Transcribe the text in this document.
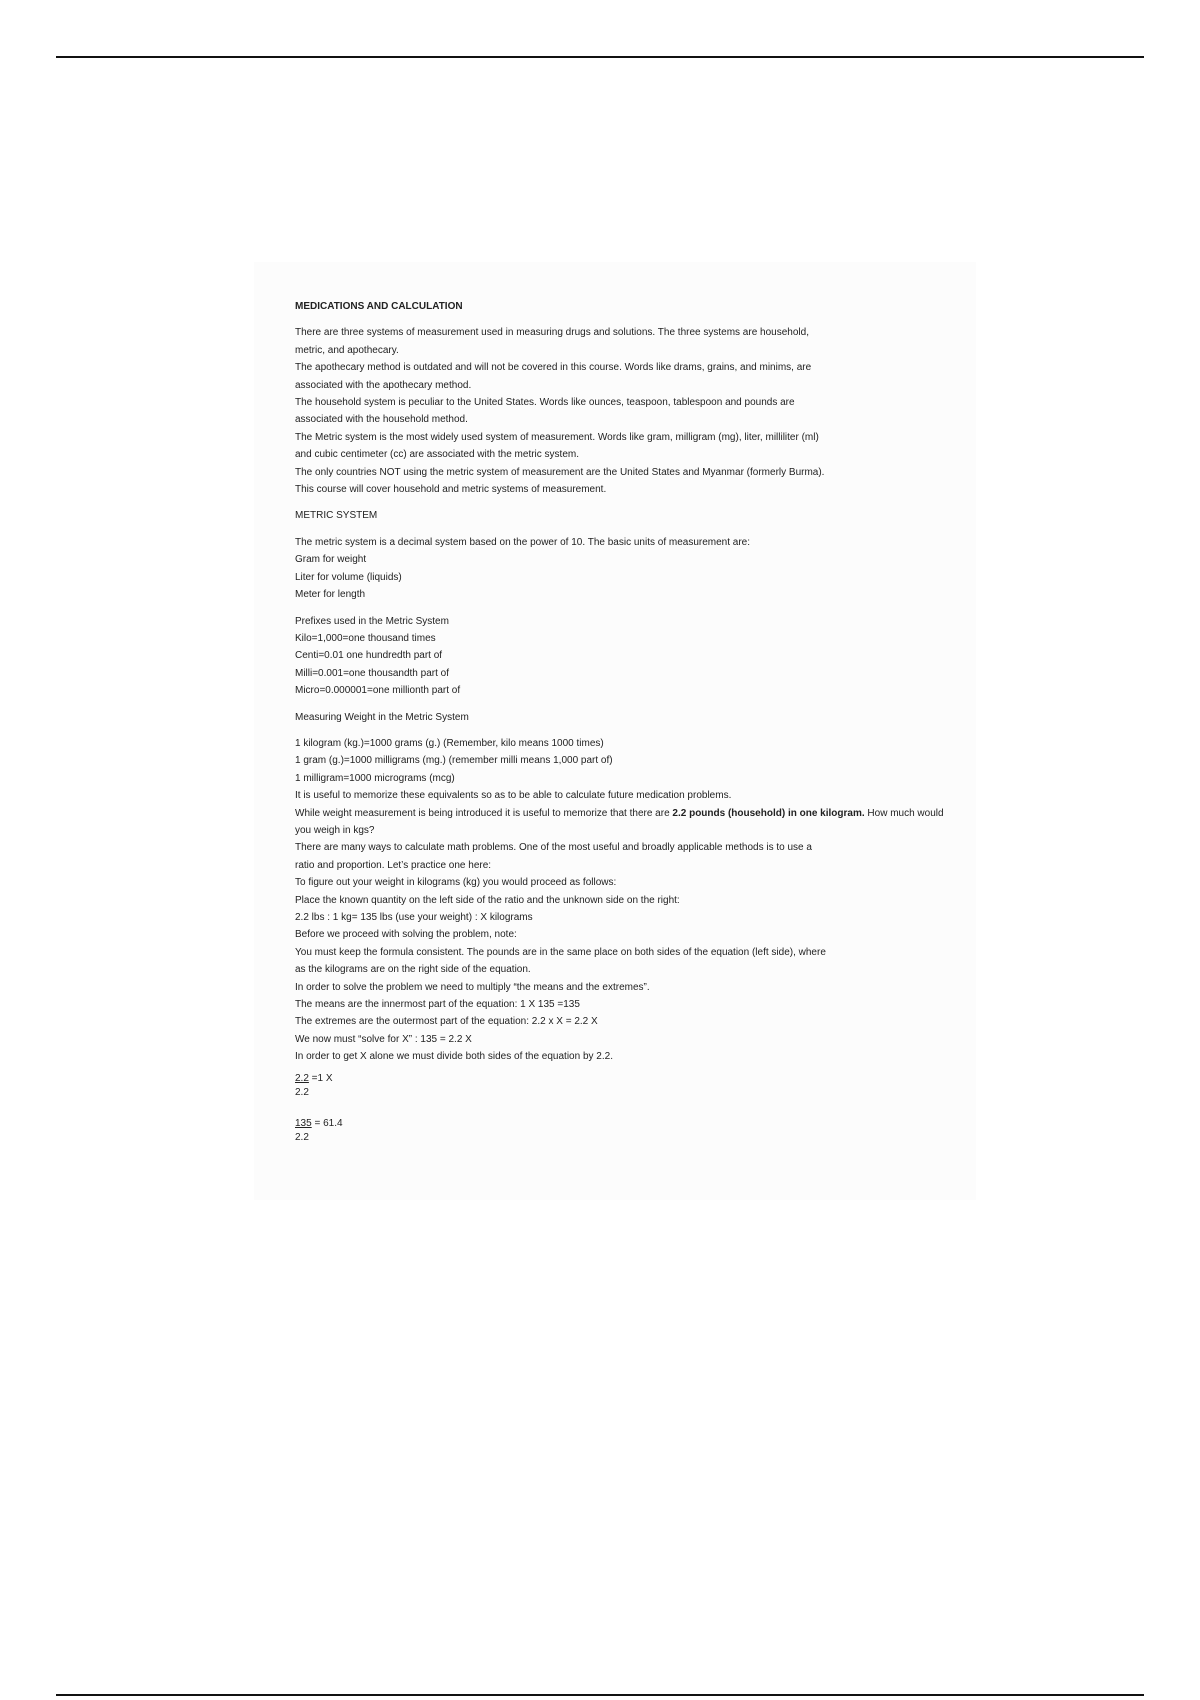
MEDICATIONS AND CALCULATION

There are three systems of measurement used in measuring drugs and solutions. The three systems are household,

metric, and apothecary.

The apothecary method is outdated and will not be covered in this course. Words like drams, grains, and minims, are

associated with the apothecary method.

The household system is peculiar to the United States. Words like ounces, teaspoon, tablespoon and pounds are

associated with the household method.

The Metric system is the most widely used system of measurement. Words like gram, milligram (mg), liter, milliliter (ml)

and cubic centimeter (cc) are associated with the metric system.

The only countries NOT using the metric system of measurement are the United States and Myanmar (formerly Burma).

This course will cover household and metric systems of measurement.

METRIC SYSTEM

The metric system is a decimal system based on the power of 10. The basic units of measurement are:

Gram for weight

Liter for volume (liquids)

Meter for length

Prefixes used in the Metric System

Kilo=1,000=one thousand times

Centi=0.01 one hundredth part of

Milli=0.001=one thousandth part of

Micro=0.000001=one millionth part of

Measuring Weight in the Metric System

1 kilogram (kg.)=1000 grams (g.) (Remember, kilo means 1000 times)

1 gram (g.)=1000 milligrams (mg.) (remember milli means 1,000 part of)

1 milligram=1000 micrograms (mcg)

It is useful to memorize these equivalents so as to be able to calculate future medication problems.

While weight measurement is being introduced it is useful to memorize that there are 2.2 pounds (household) in one kilogram. How much would you weigh in kgs?

There are many ways to calculate math problems. One of the most useful and broadly applicable methods is to use a

ratio and proportion. Let’s practice one here:

To figure out your weight in kilograms (kg) you would proceed as follows:

Place the known quantity on the left side of the ratio and the unknown side on the right:

2.2 lbs : 1 kg= 135 lbs (use your weight) : X kilograms

Before we proceed with solving the problem, note:

You must keep the formula consistent. The pounds are in the same place on both sides of the equation (left side), where

as the kilograms are on the right side of the equation.

In order to solve the problem we need to multiply “the means and the extremes”.

The means are the innermost part of the equation: 1 X 135 =135

The extremes are the outermost part of the equation: 2.2 x X = 2.2 X

We now must “solve for X” : 135 = 2.2 X

In order to get X alone we must divide both sides of the equation by 2.2.

2.2 =1 X
2.2
135 = 61.4
2.2
